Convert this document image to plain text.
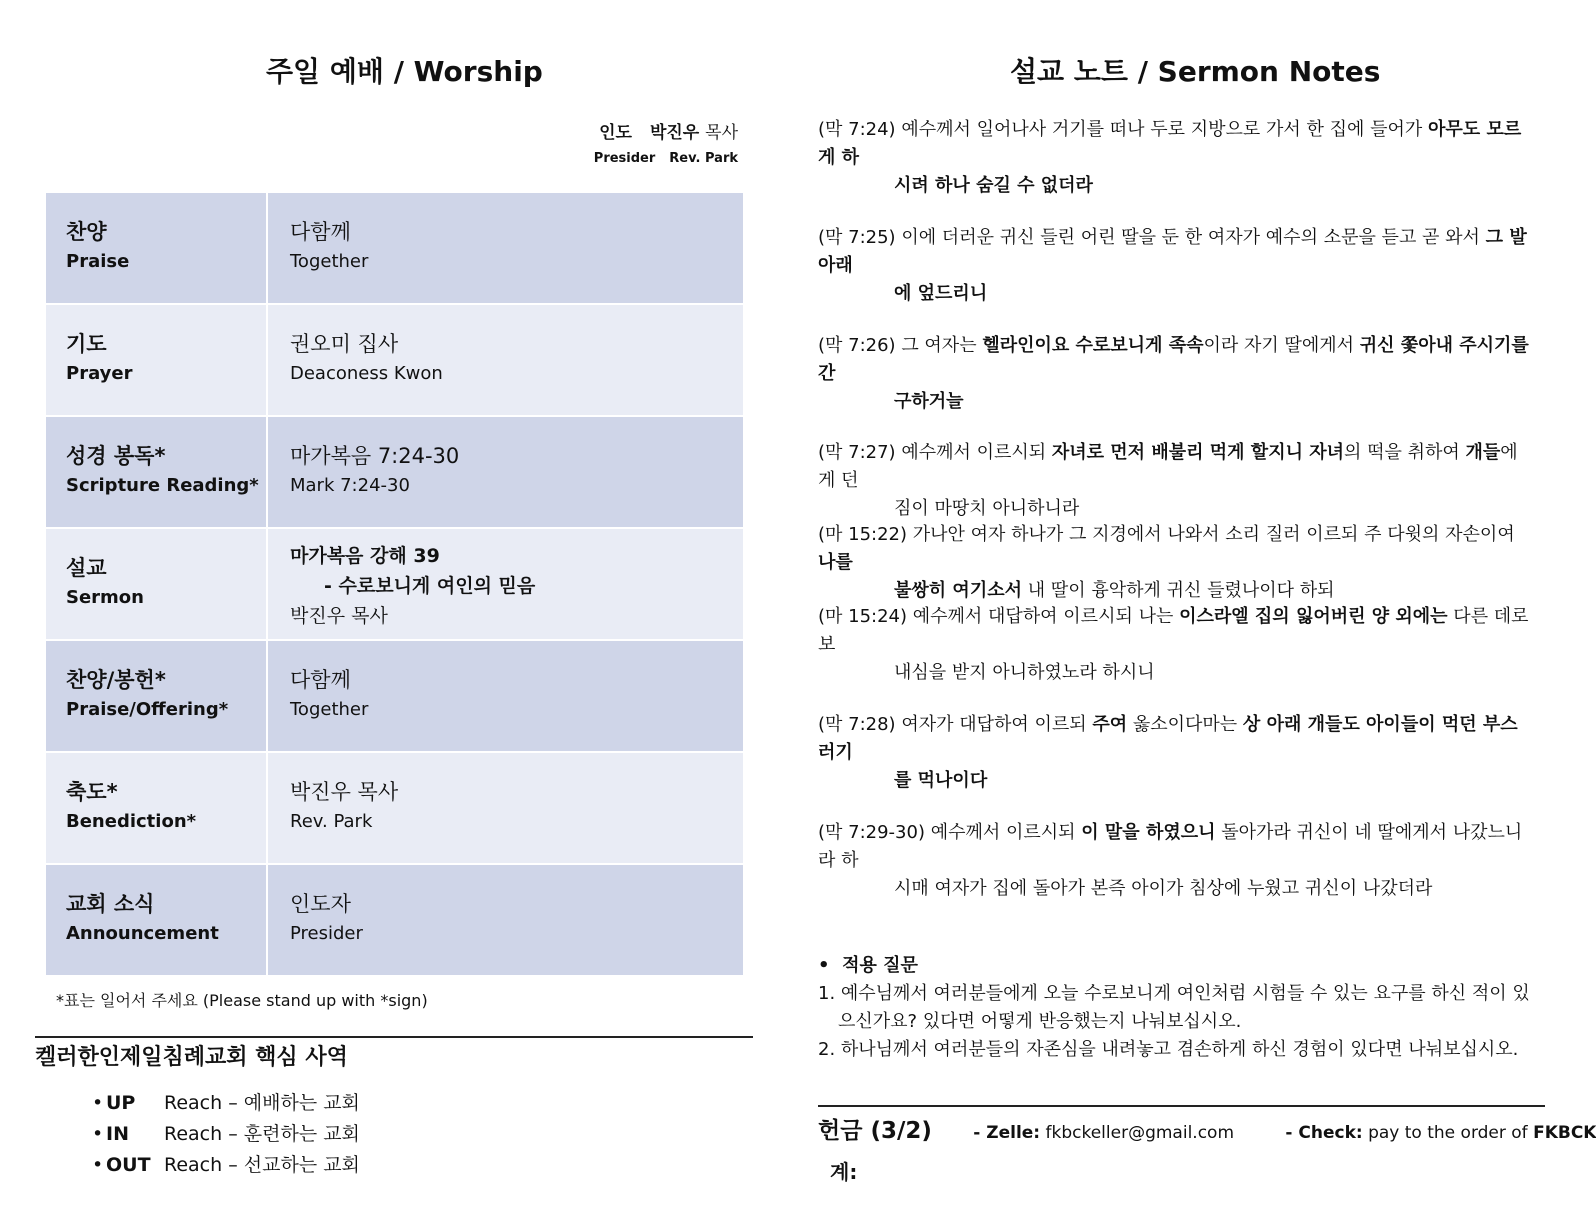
주일 예배 / Worship
인도 박진우 목사
Presider Rev. Park
찬양
Praise
다함께
Together
기도
Prayer
권오미 집사
Deaconess Kwon
성경 봉독*
Scripture Reading*
마가복음 7:24-30
Mark 7:24-30
설교
Sermon
마가복음 강해 39
- 수로보니게 여인의 믿음
박진우 목사
찬양/봉헌*
Praise/Offering*
다함께
Together
축도*
Benediction*
박진우 목사
Rev. Park
교회 소식
Announcement
인도자
Presider
*표는 일어서 주세요 (Please stand up with *sign)
켈러한인제일침례교회 핵심 사역
• UP Reach – 예배하는 교회
• IN Reach – 훈련하는 교회
• OUT Reach – 선교하는 교회
설교 노트 / Sermon Notes
(막 7:24) 예수께서 일어나사 거기를 떠나 두로 지방으로 가서 한 집에 들어가 아무도 모르게 하
시려 하나 숨길 수 없더라
(막 7:25) 이에 더러운 귀신 들린 어린 딸을 둔 한 여자가 예수의 소문을 듣고 곧 와서 그 발 아래
에 엎드리니
(막 7:26) 그 여자는 헬라인이요 수로보니게 족속이라 자기 딸에게서 귀신 쫓아내 주시기를 간
구하거늘
(막 7:27) 예수께서 이르시되 자녀로 먼저 배불리 먹게 할지니 자녀의 떡을 취하여 개들에게 던
짐이 마땅치 아니하니라
(마 15:22) 가나안 여자 하나가 그 지경에서 나와서 소리 질러 이르되 주 다윗의 자손이여 나를
불쌍히 여기소서 내 딸이 흉악하게 귀신 들렸나이다 하되
(마 15:24) 예수께서 대답하여 이르시되 나는 이스라엘 집의 잃어버린 양 외에는 다른 데로 보
내심을 받지 아니하였노라 하시니
(막 7:28) 여자가 대답하여 이르되 주여 옳소이다마는 상 아래 개들도 아이들이 먹던 부스러기
를 먹나이다
(막 7:29-30) 예수께서 이르시되 이 말을 하였으니 돌아가라 귀신이 네 딸에게서 나갔느니라 하
시매 여자가 집에 돌아가 본즉 아이가 침상에 누웠고 귀신이 나갔더라
• 적용 질문
1. 예수님께서 여러분들에게 오늘 수로보니게 여인처럼 시험들 수 있는 요구를 하신 적이 있으신가요? 있다면 어떻게 반응했는지 나눠보십시오.
2. 하나님께서 여러분들의 자존심을 내려놓고 겸손하게 하신 경험이 있다면 나눠보십시오.
헌금 (3/2) - Zelle: fkbckeller@gmail.com	- Check: pay to the order of FKBCK
계:
